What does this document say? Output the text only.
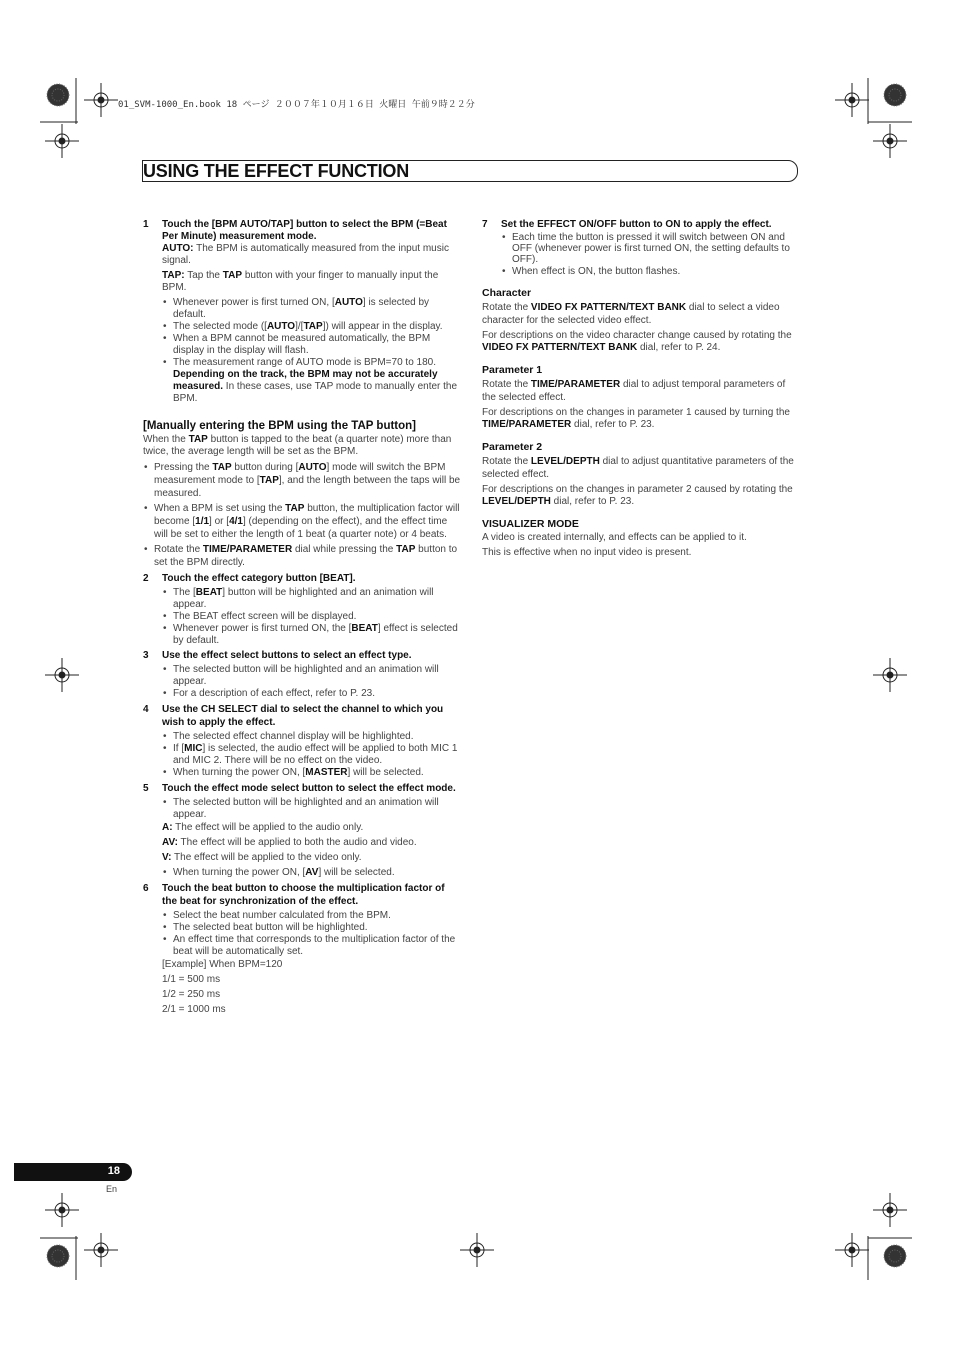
01_SVM-1000_En.book 18 ページ ２００７年１０月１６日 火曜日 午前９時２２分
USING THE EFFECT FUNCTION

1 Touch the [BPM AUTO/TAP] button to select the BPM (=Beat Per Minute) measurement mode.

AUTO: The BPM is automatically measured from the input music signal.

TAP: Tap the TAP button with your finger to manually input the BPM.

• Whenever power is first turned ON, [AUTO] is selected by default.

• The selected mode ([AUTO]/[TAP]) will appear in the display.

• When a BPM cannot be measured automatically, the BPM display in the display will flash.

• The measurement range of AUTO mode is BPM=70 to 180. Depending on the track, the BPM may not be accurately measured. In these cases, use TAP mode to manually enter the BPM.

[Manually entering the BPM using the TAP button]

When the TAP button is tapped to the beat (a quarter note) more than twice, the average length will be set as the BPM.

• Pressing the TAP button during [AUTO] mode will switch the BPM measurement mode to [TAP], and the length between the taps will be measured.

• When a BPM is set using the TAP button, the multiplication factor will become [1/1] or [4/1] (depending on the effect), and the effect time will be set to either the length of 1 beat (a quarter note) or 4 beats.

• Rotate the TIME/PARAMETER dial while pressing the TAP button to set the BPM directly.

2 Touch the effect category button [BEAT].

• The [BEAT] button will be highlighted and an animation will appear.

• The BEAT effect screen will be displayed.

• Whenever power is first turned ON, the [BEAT] effect is selected by default.

3 Use the effect select buttons to select an effect type.

• The selected button will be highlighted and an animation will appear.

• For a description of each effect, refer to P. 23.

4 Use the CH SELECT dial to select the channel to which you wish to apply the effect.

• The selected effect channel display will be highlighted.

• If [MIC] is selected, the audio effect will be applied to both MIC 1 and MIC 2. There will be no effect on the video.

• When turning the power ON, [MASTER] will be selected.

5 Touch the effect mode select button to select the effect mode.

• The selected button will be highlighted and an animation will appear.

A: The effect will be applied to the audio only.

AV: The effect will be applied to both the audio and video.

V: The effect will be applied to the video only.

• When turning the power ON, [AV] will be selected.

6 Touch the beat button to choose the multiplication factor of the beat for synchronization of the effect.

• Select the beat number calculated from the BPM.

• The selected beat button will be highlighted.

• An effect time that corresponds to the multiplication factor of the beat will be automatically set.

[Example] When BPM=120

1/1 = 500 ms

1/2 = 250 ms

2/1 = 1000 ms

7 Set the EFFECT ON/OFF button to ON to apply the effect.

• Each time the button is pressed it will switch between ON and OFF (whenever power is first turned ON, the setting defaults to OFF).

• When effect is ON, the button flashes.

Character

Rotate the VIDEO FX PATTERN/TEXT BANK dial to select a video character for the selected video effect.

For descriptions on the video character change caused by rotating the VIDEO FX PATTERN/TEXT BANK dial, refer to P. 24.

Parameter 1

Rotate the TIME/PARAMETER dial to adjust temporal parameters of the selected effect.

For descriptions on the changes in parameter 1 caused by turning the TIME/PARAMETER dial, refer to P. 23.

Parameter 2

Rotate the LEVEL/DEPTH dial to adjust quantitative parameters of the selected effect.

For descriptions on the changes in parameter 2 caused by rotating the LEVEL/DEPTH dial, refer to P. 23.

VISUALIZER MODE

A video is created internally, and effects can be applied to it.

This is effective when no input video is present.

18
En
